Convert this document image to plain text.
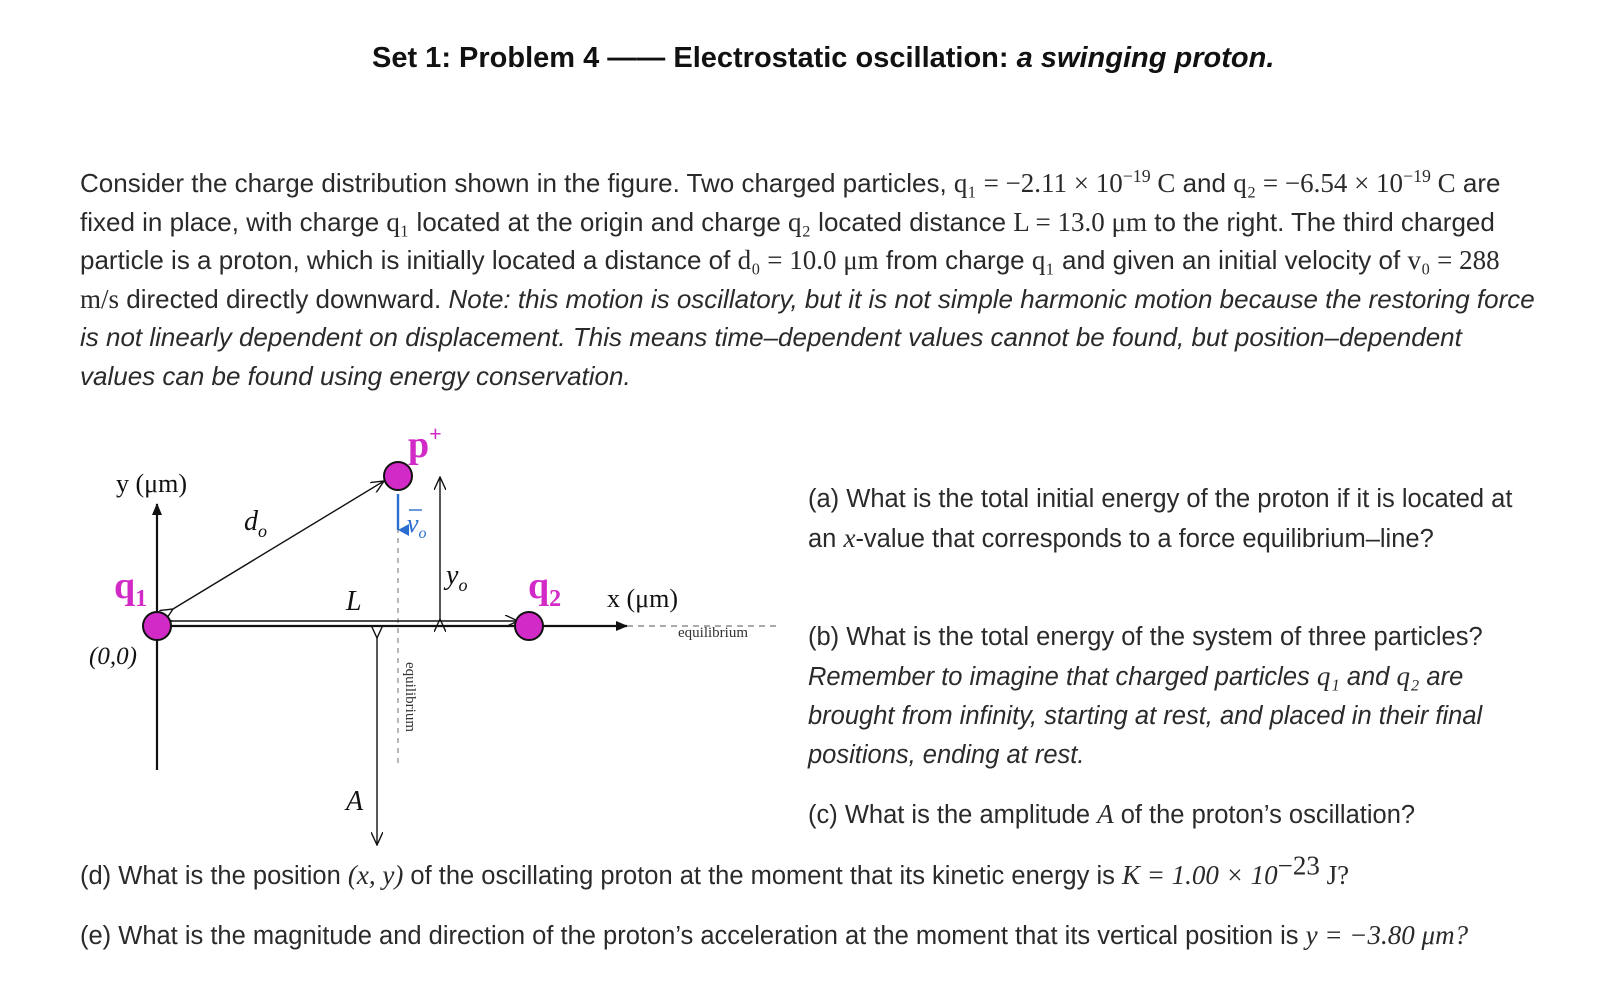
Set 1: Problem 4 —— Electrostatic oscillation: a swinging proton.
Consider the charge distribution shown in the figure. Two charged particles, $q_1 = -2.11 \times 10^{-19}$ C and $q_2 = -6.54 \times 10^{-19}$ C are fixed in place, with charge q₁ located at the origin and charge q₂ located distance L = 13.0 μm to the right. The third charged particle is a proton, which is initially located a distance of d₀ = 10.0 μm from charge q₁ and given an initial velocity of v₀ = 288 m/s directed directly downward. Note: this motion is oscillatory, but it is not simple harmonic motion because the restoring force is not linearly dependent on displacement. This means time–dependent values cannot be found, but position–dependent values can be found using energy conservation.
y (μm)
x (μm)
(0,0)
$q_1$	$q_2$
p+
$d_o$	$v_o$
$y_o$
L
A
equilibrium
equilibrium
(a) What is the total initial energy of the proton if it is located at an x-value that corresponds to a force equilibrium–line?
(b) What is the total energy of the system of three particles? Remember to imagine that charged particles q₁ and q₂ are brought from infinity, starting at rest, and placed in their final positions, ending at rest.
(c) What is the amplitude A of the proton’s oscillation?
(d) What is the position (x, y) of the oscillating proton at the moment that its kinetic energy is $K = 1.00 \times 10^{-23}$ J?
(e) What is the magnitude and direction of the proton’s acceleration at the moment that its vertical position is y = −3.80 μm?
